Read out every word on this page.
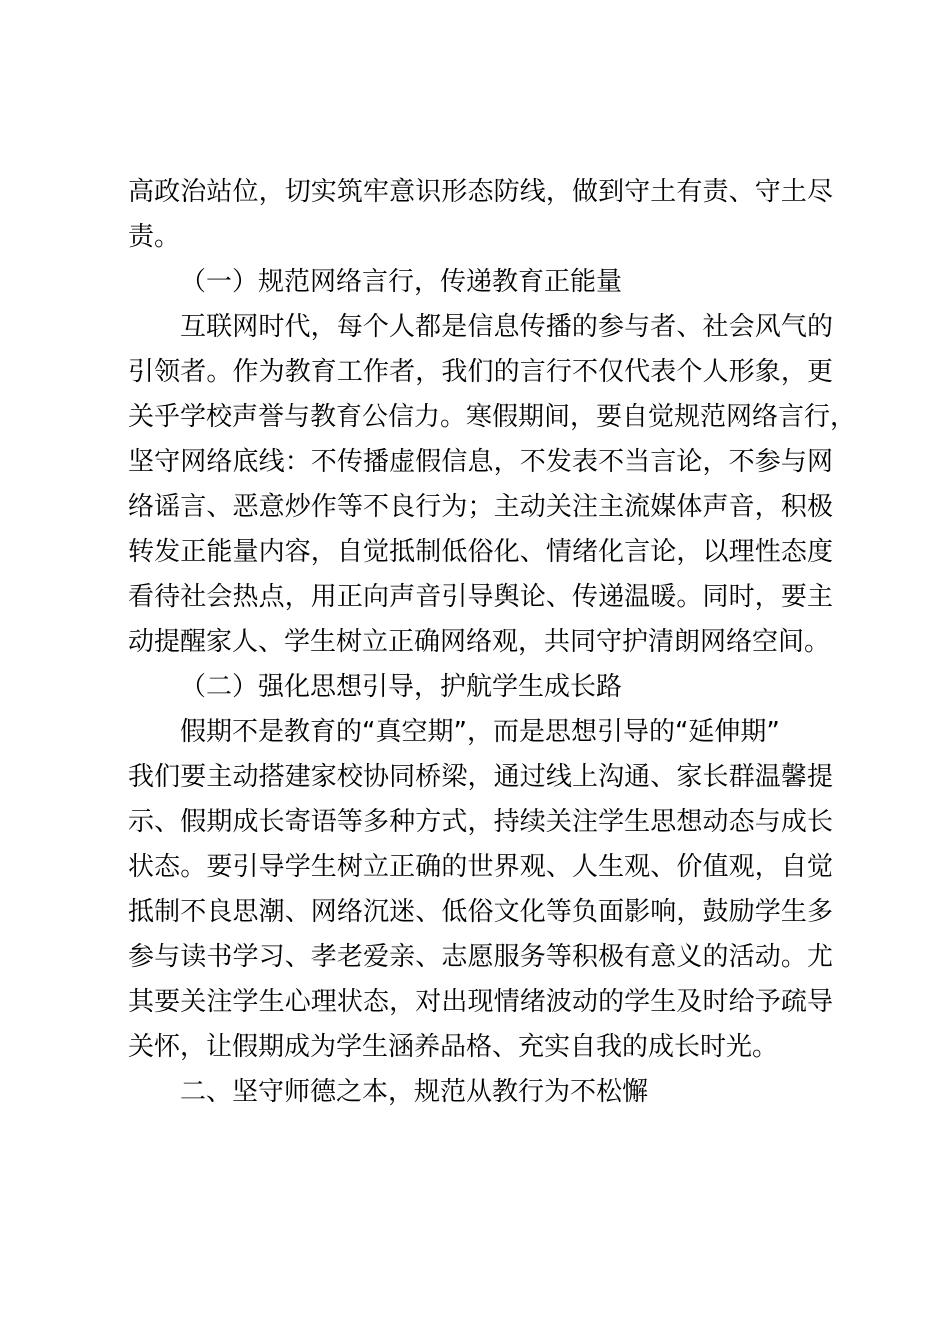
高政治站位，切实筑牢意识形态防线，做到守土有责、守土尽
责。
（一）规范网络言行，传递教育正能量
互联网时代，每个人都是信息传播的参与者、社会风气的
引领者。作为教育工作者，我们的言行不仅代表个人形象，更
关乎学校声誉与教育公信力。寒假期间，要自觉规范网络言行，
坚守网络底线：不传播虚假信息，不发表不当言论，不参与网
络谣言、恶意炒作等不良行为；主动关注主流媒体声音，积极
转发正能量内容，自觉抵制低俗化、情绪化言论，以理性态度
看待社会热点，用正向声音引导舆论、传递温暖。同时，要主
动提醒家人、学生树立正确网络观，共同守护清朗网络空间。
（二）强化思想引导，护航学生成长路
假期不是教育的“真空期”，而是思想引导的“延伸期”
我们要主动搭建家校协同桥梁，通过线上沟通、家长群温馨提
示、假期成长寄语等多种方式，持续关注学生思想动态与成长
状态。要引导学生树立正确的世界观、人生观、价值观，自觉
抵制不良思潮、网络沉迷、低俗文化等负面影响，鼓励学生多
参与读书学习、孝老爱亲、志愿服务等积极有意义的活动。尤
其要关注学生心理状态，对出现情绪波动的学生及时给予疏导
关怀，让假期成为学生涵养品格、充实自我的成长时光。
二、坚守师德之本，规范从教行为不松懈
